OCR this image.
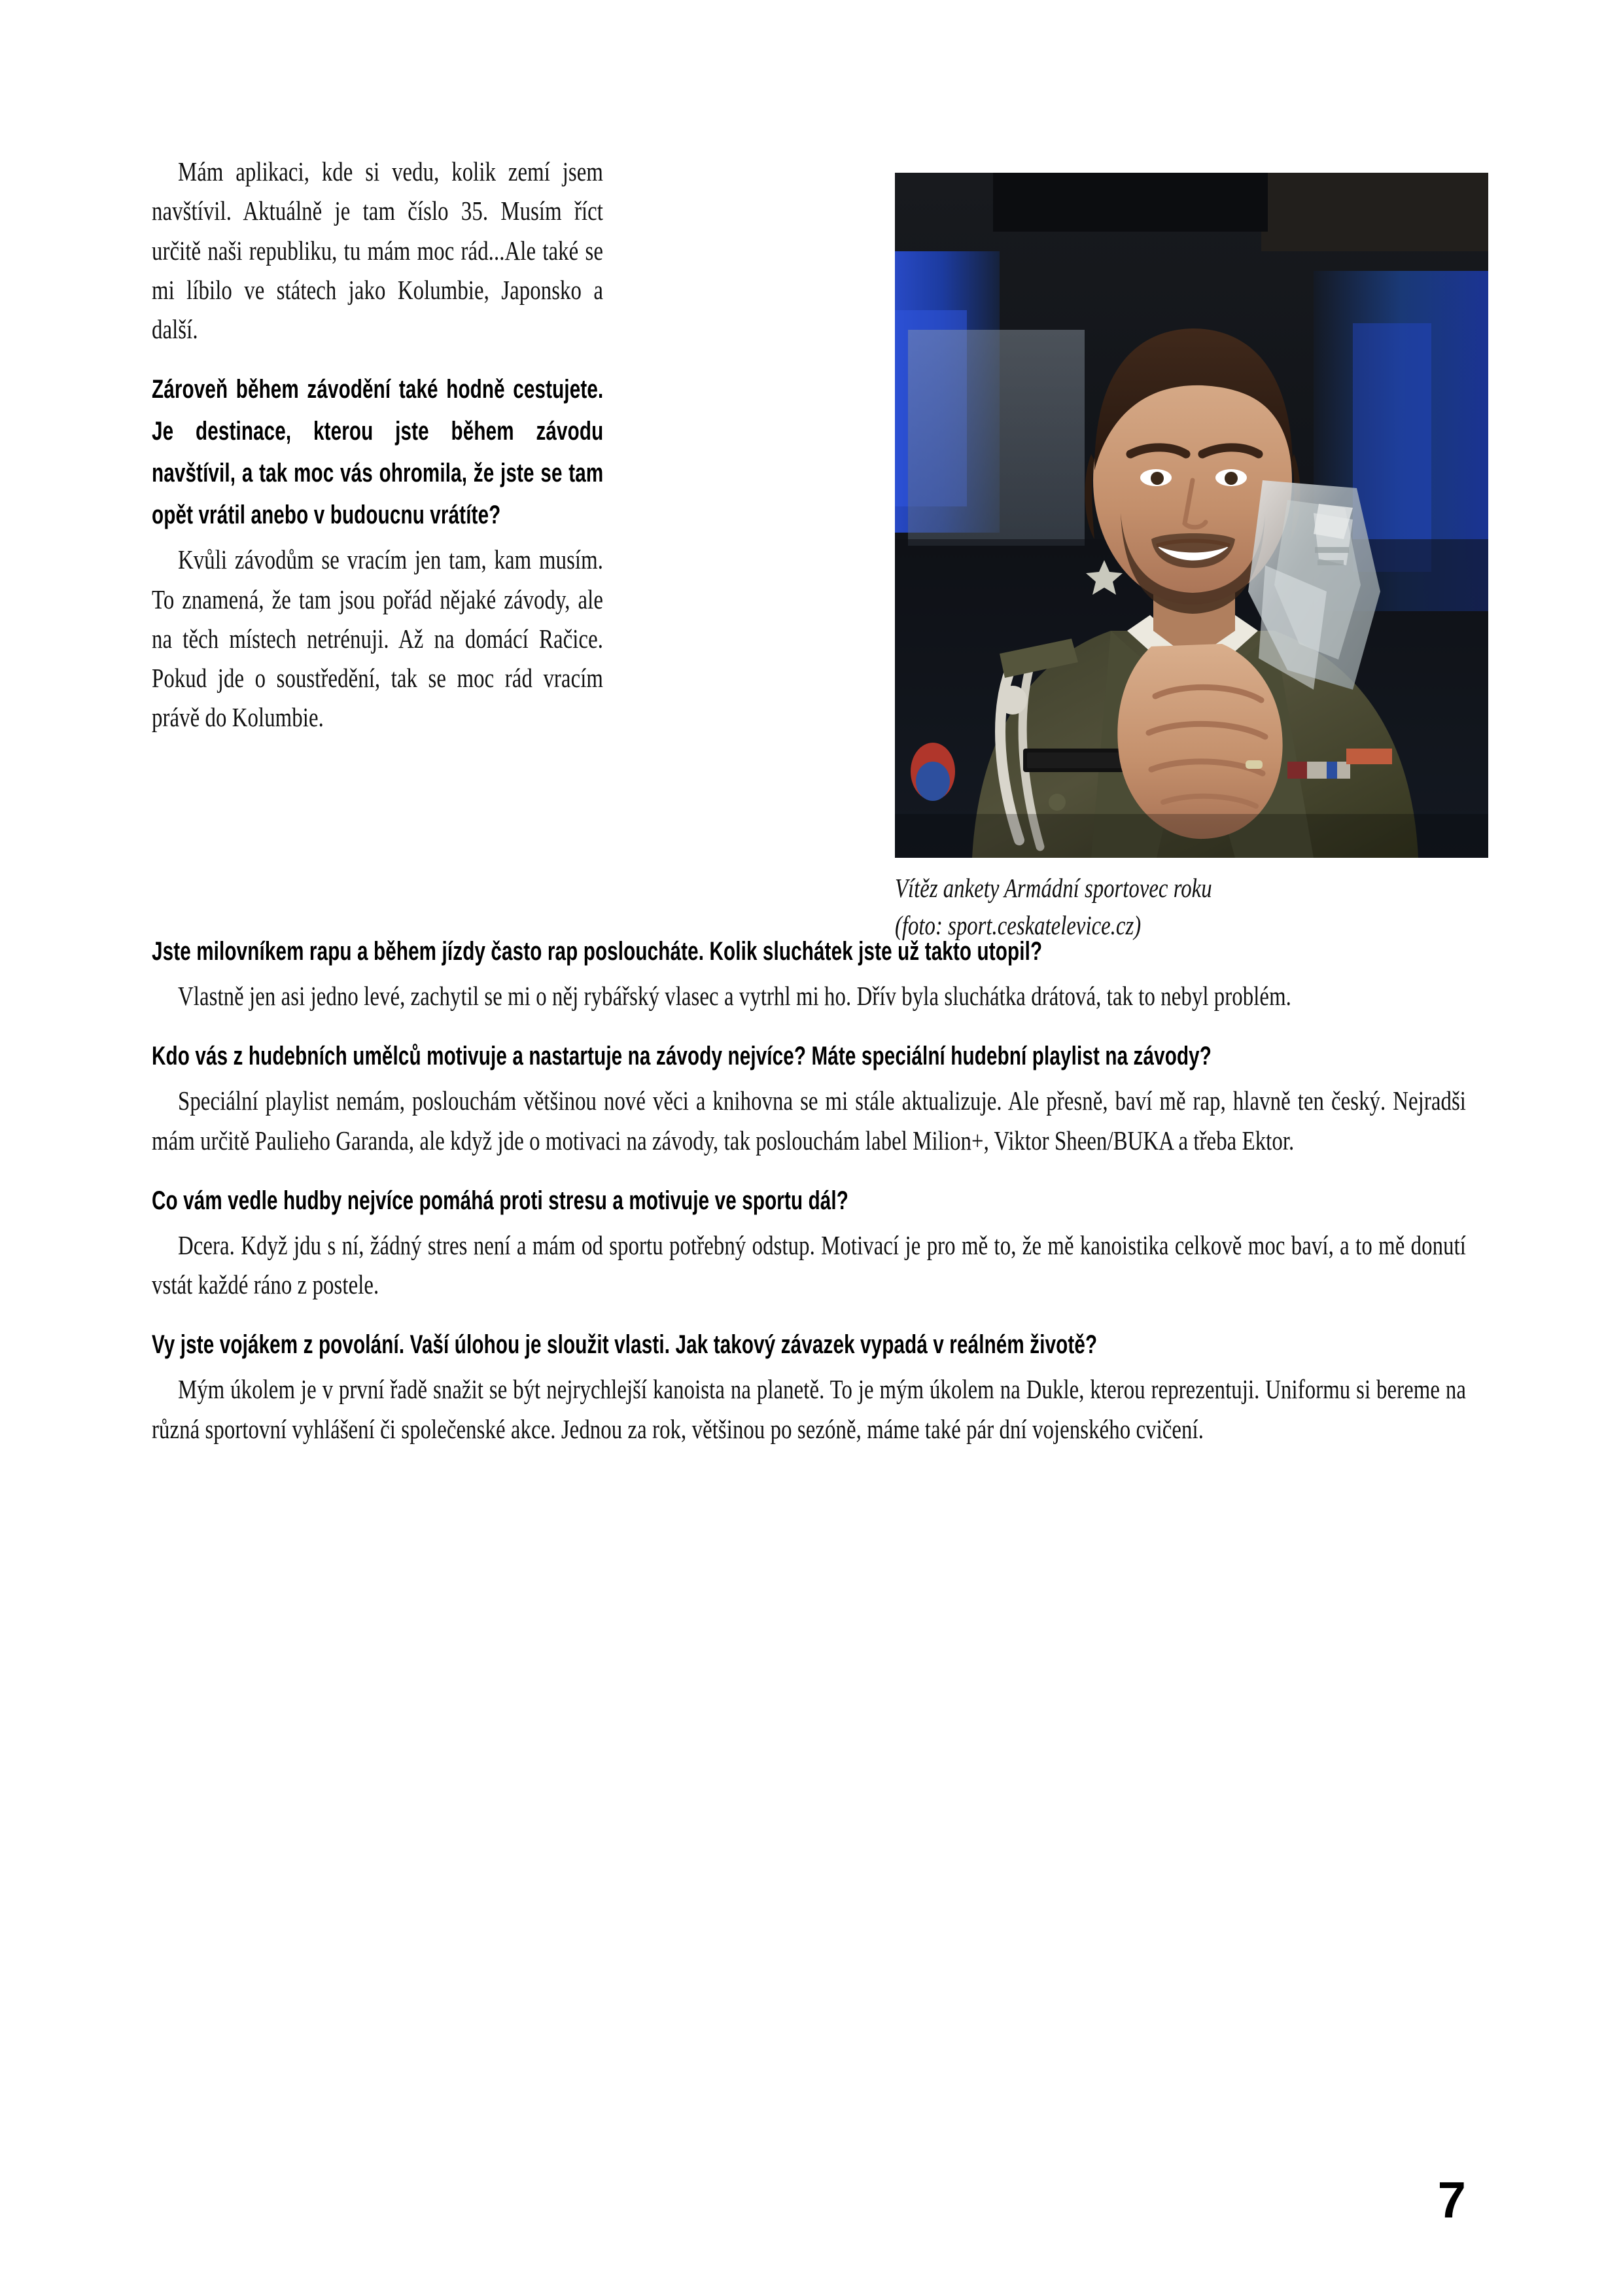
Mám aplikaci, kde si vedu, kolik zemí jsem navštívil. Aktuálně je tam číslo 35. Musím říct určitě naši republiku, tu mám moc rád...Ale také se mi líbilo ve státech jako Kolumbie, Japonsko a další.

Zároveň během závodění také hodně cestujete. Je destinace, kterou jste během závodu navštívil, a tak moc vás ohromila, že jste se tam opět vrátil anebo v budoucnu vrátíte?

Kvůli závodům se vracím jen tam, kam musím. To znamená, že tam jsou pořád nějaké závody, ale na těch místech netrénuji. Až na domácí Račice. Pokud jde o soustředění, tak se moc rád vracím právě do Kolumbie.

Vítěz ankety Armádní sportovec roku
(foto: sport.ceskatelevice.cz)

Jste milovníkem rapu a během jízdy často rap posloucháte. Kolik sluchátek jste už takto utopil?

Vlastně jen asi jedno levé, zachytil se mi o něj rybářský vlasec a vytrhl mi ho. Dřív byla sluchátka drátová, tak to nebyl problém.

Kdo vás z hudebních umělců motivuje a nastartuje na závody nejvíce? Máte speciální hudební playlist na závody?

Speciální playlist nemám, poslouchám většinou nové věci a knihovna se mi stále aktualizuje. Ale přesně, baví mě rap, hlavně ten český. Nejradši mám určitě Paulieho Garanda, ale když jde o motivaci na závody, tak poslouchám label Milion+, Viktor Sheen/BUKA a třeba Ektor.

Co vám vedle hudby nejvíce pomáhá proti stresu a motivuje ve sportu dál?

Dcera. Když jdu s ní, žádný stres není a mám od sportu potřebný odstup. Motivací je pro mě to, že mě kanoistika celkově moc baví, a to mě donutí vstát každé ráno z postele.

Vy jste vojákem z povolání. Vaší úlohou je sloužit vlasti. Jak takový závazek vypadá v reálném životě?

Mým úkolem je v první řadě snažit se být nejrychlejší kanoista na planetě. To je mým úkolem na Dukle, kterou reprezentuji. Uniformu si bereme na různá sportovní vyhlášení či společenské akce. Jednou za rok, většinou po sezóně, máme také pár dní vojenského cvičení.

7
